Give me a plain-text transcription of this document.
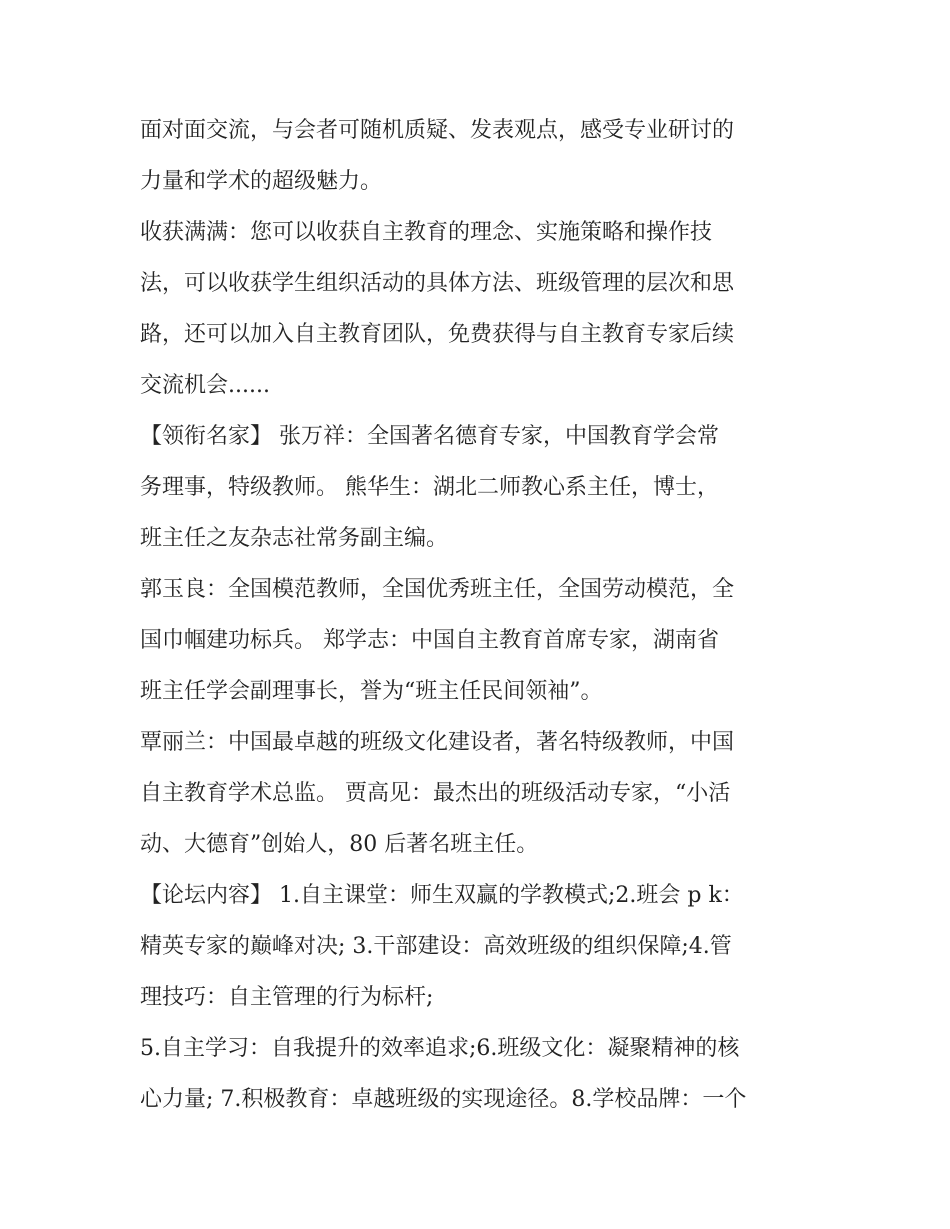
面对面交流，与会者可随机质疑、发表观点，感受专业研讨的
力量和学术的超级魅力。
收获满满：您可以收获自主教育的理念、实施策略和操作技
法，可以收获学生组织活动的具体方法、班级管理的层次和思
路，还可以加入自主教育团队，免费获得与自主教育专家后续
交流机会......
【领衔名家】 张万祥：全国著名德育专家，中国教育学会常
务理事，特级教师。 熊华生：湖北二师教心系主任，博士，
班主任之友杂志社常务副主编。
郭玉良：全国模范教师，全国优秀班主任，全国劳动模范，全
国巾帼建功标兵。 郑学志：中国自主教育首席专家，湖南省
班主任学会副理事长，誉为“班主任民间领袖”。
覃丽兰：中国最卓越的班级文化建设者，著名特级教师，中国
自主教育学术总监。 贾高见：最杰出的班级活动专家，“小活
动、大德育”创始人，80 后著名班主任。
【论坛内容】 1.自主课堂：师生双赢的学教模式;2.班会 p k：
精英专家的巅峰对决; 3.干部建设：高效班级的组织保障;4.管
理技巧：自主管理的行为标杆;
5.自主学习：自我提升的效率追求;6.班级文化：凝聚精神的核
心力量; 7.积极教育：卓越班级的实现途径。8.学校品牌：一个
